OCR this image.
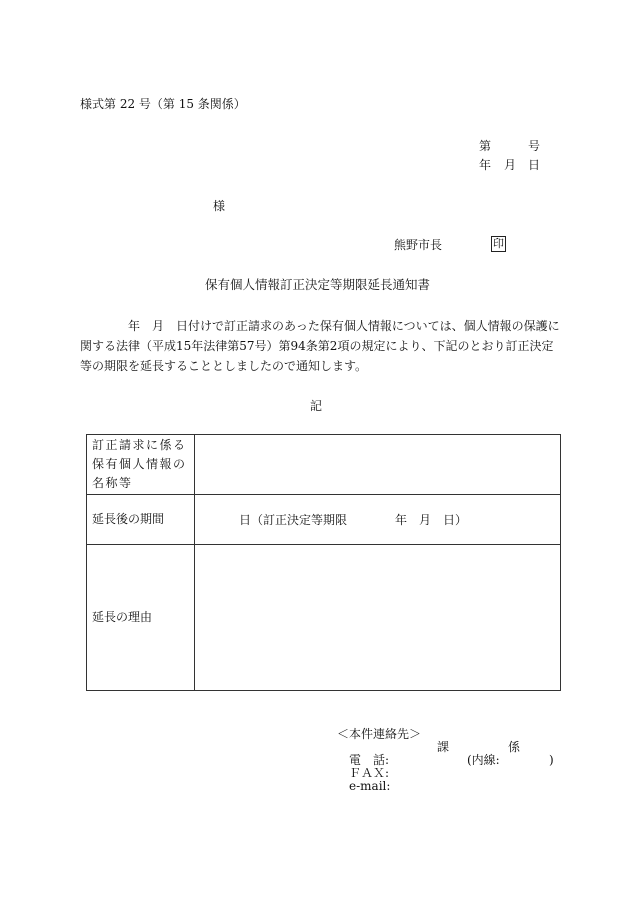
様式第 22 号（第 15 条関係）
第	号
年 月 日
様
熊野市長	印
保有個人情報訂正決定等期限延長通知書
年　月　日付けで訂正請求のあった保有個人情報については、個人情報の保護に関する法律（平成15年法律第57号）第94条第2項の規定により、下記のとおり訂正決定等の期限を延長することとしましたので通知します。
記
訂正請求に係る
保有個人情報の
名称等	

延長後の期間	日（訂正決定等期限　　　　年　月　日）
延長の理由	
＜本件連絡先＞
課	係
電　話:	(内線:	)
ＦＡＸ:
e-mail:
